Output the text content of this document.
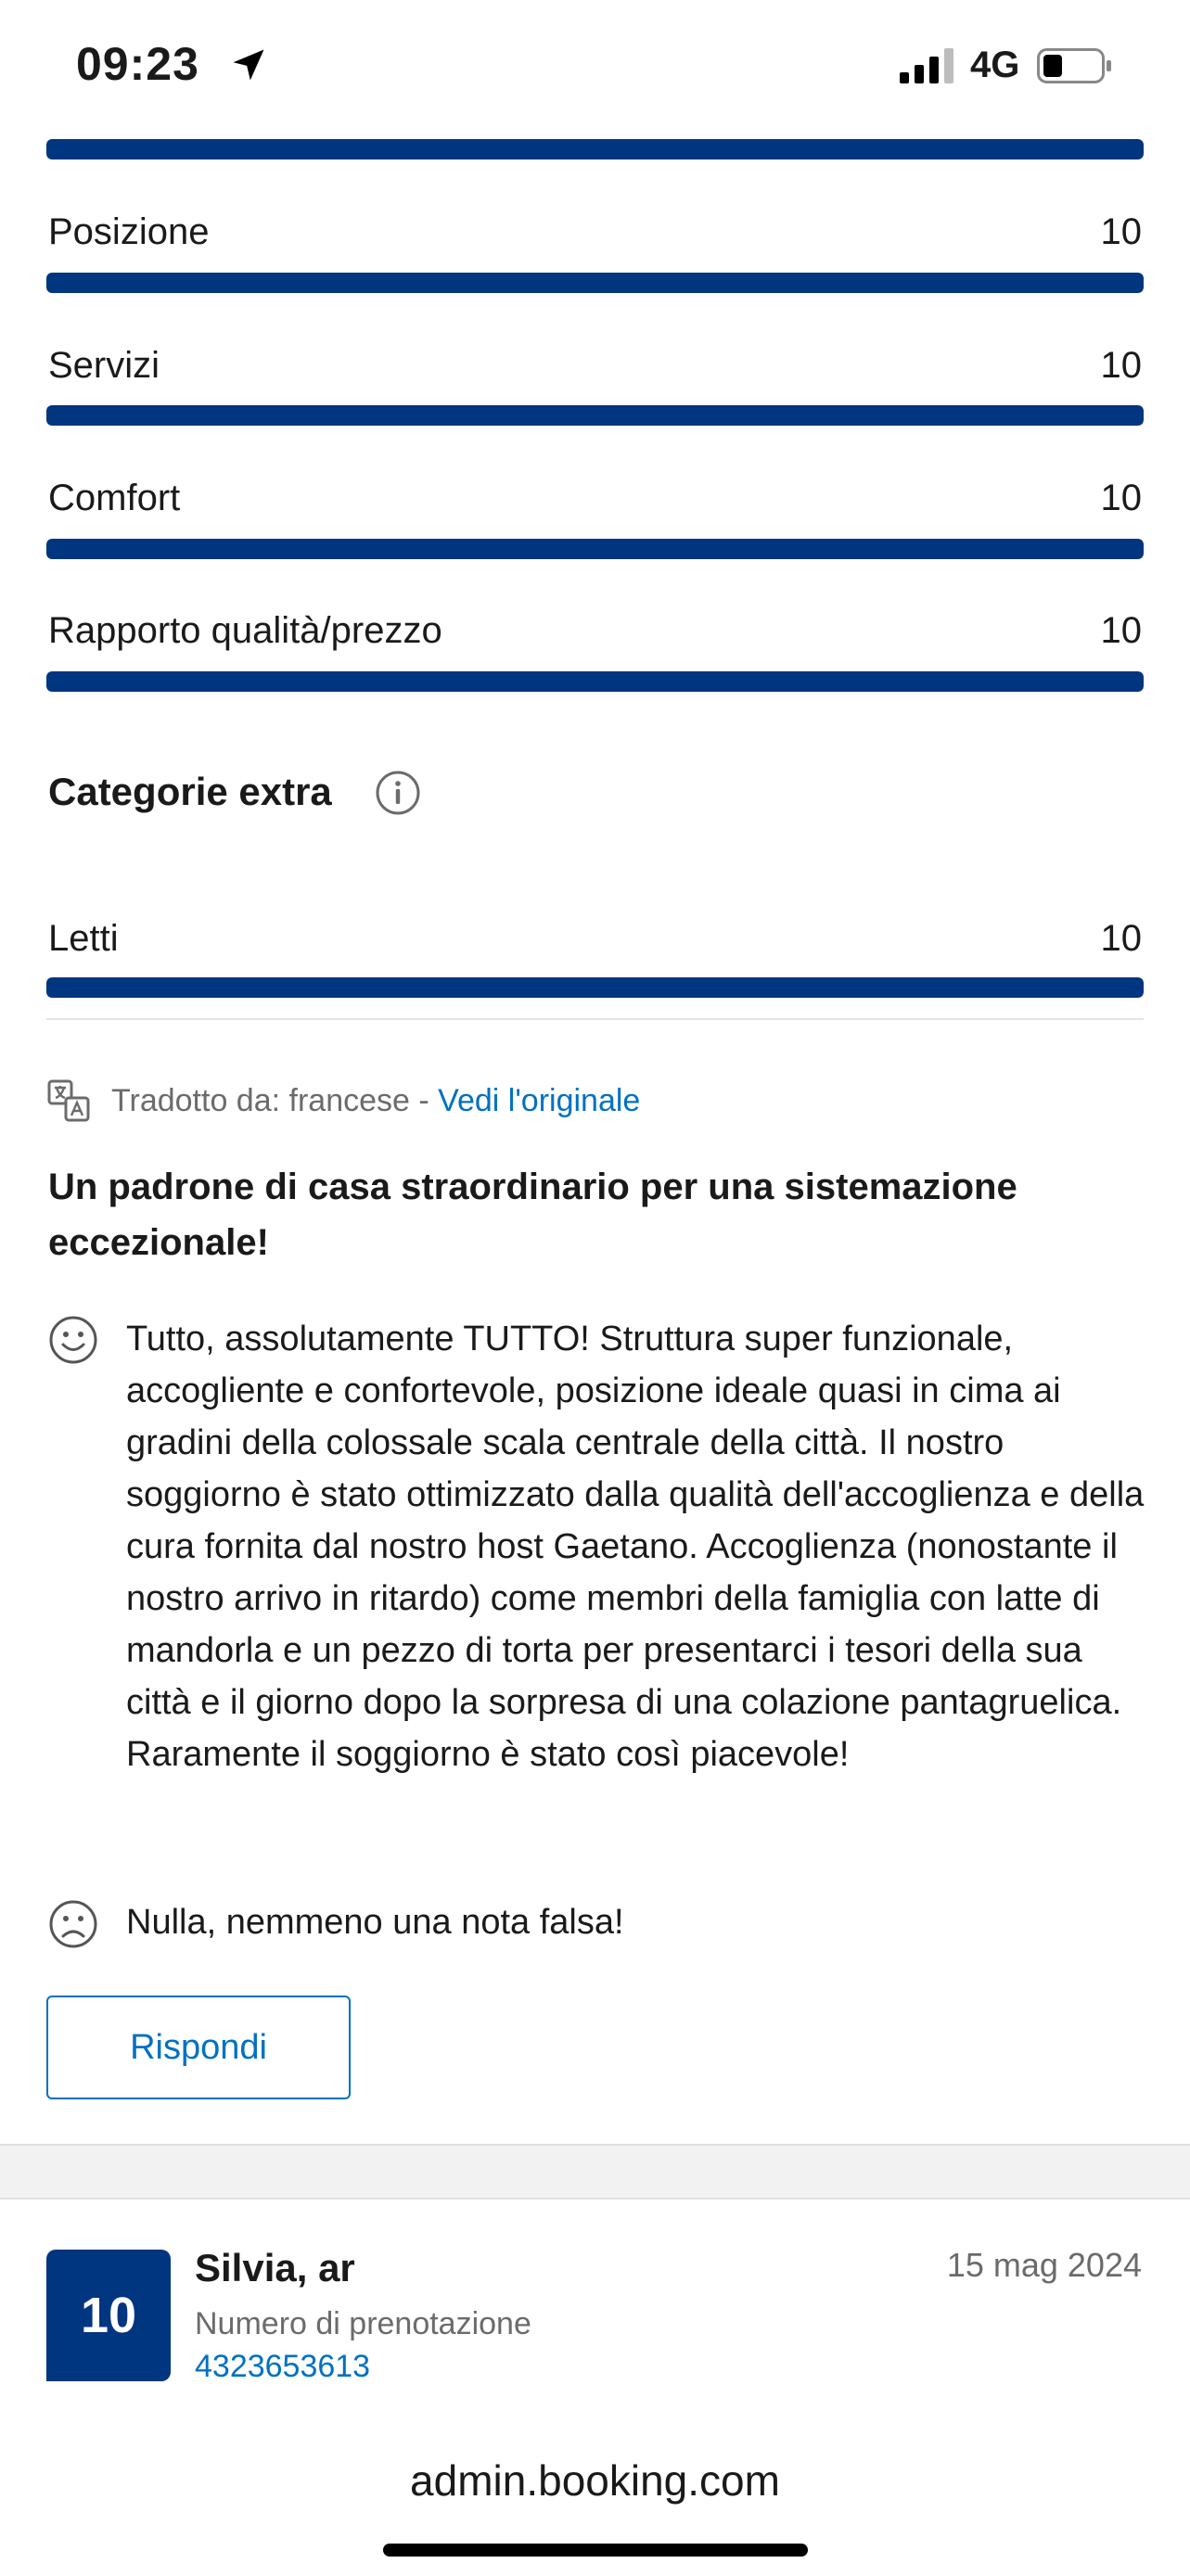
09:23	4G
Posizione	10
Servizi	10
Comfort	10
Rapporto qualità/prezzo	10
Categorie extra
Letti	10
Tradotto da: francese - Vedi l'originale
Un padrone di casa straordinario per una sistemazione eccezionale!
Tutto, assolutamente TUTTO! Struttura super funzionale, accogliente e confortevole, posizione ideale quasi in cima ai gradini della colossale scala centrale della città. Il nostro soggiorno è stato ottimizzato dalla qualità dell'accoglienza e della cura fornita dal nostro host Gaetano. Accoglienza (nonostante il nostro arrivo in ritardo) come membri della famiglia con latte di mandorla e un pezzo di torta per presentarci i tesori della sua città e il giorno dopo la sorpresa di una colazione pantagruelica. Raramente il soggiorno è stato così piacevole!
Nulla, nemmeno una nota falsa!
Rispondi
10
Silvia, ar	15 mag 2024
Numero di prenotazione
4323653613
admin.booking.com
